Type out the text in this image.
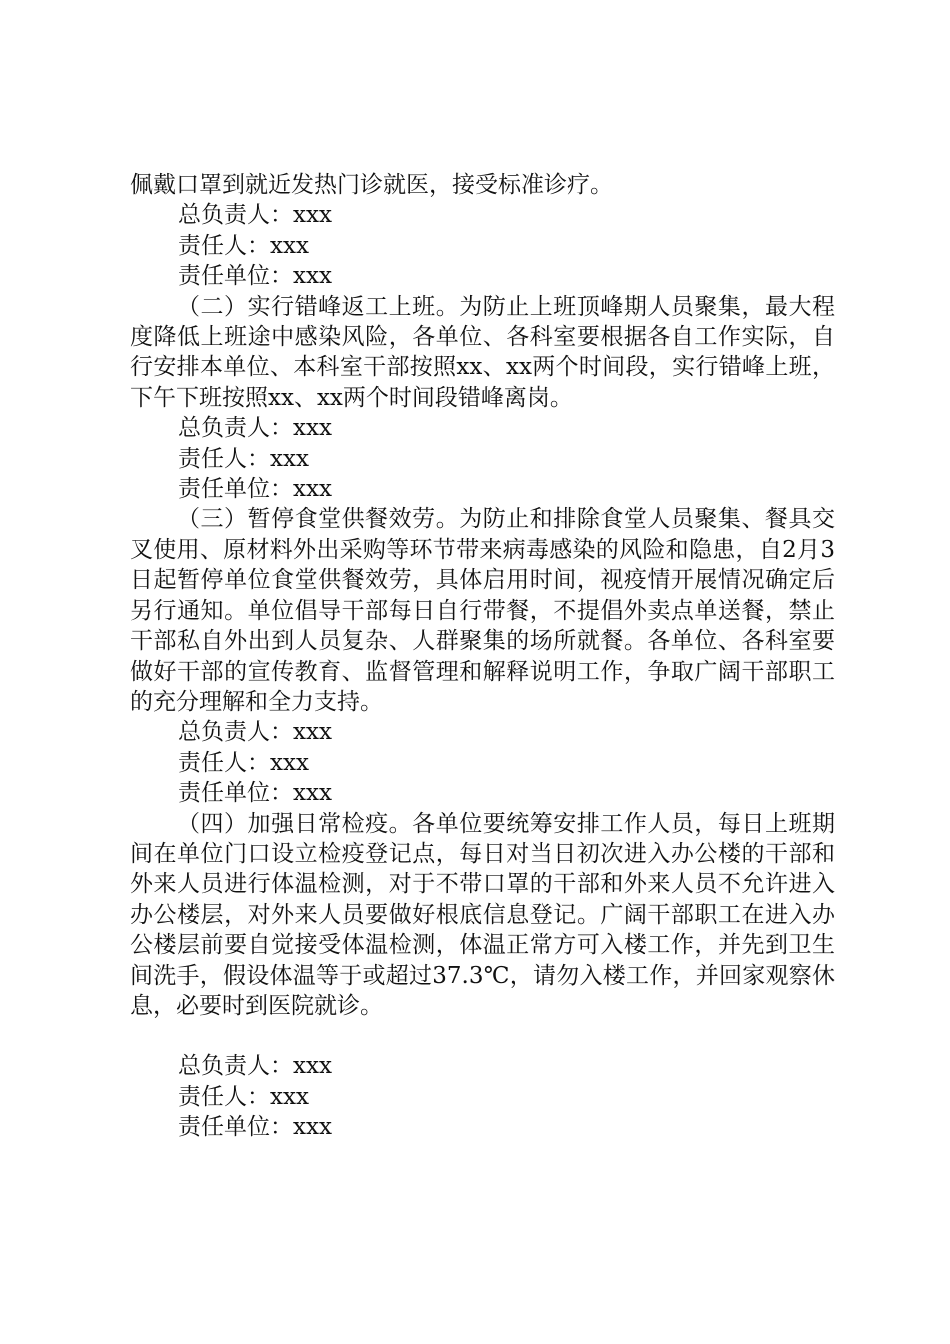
佩戴口罩到就近发热门诊就医，接受标准诊疗。

总负责人：xxx
责任人：xxx
责任单位：xxx

（二）实行错峰返工上班。为防止上班顶峰期人员聚集，最大程度降低上班途中感染风险，各单位、各科室要根据各自工作实际，自行安排本单位、本科室干部按照xx、xx两个时间段，实行错峰上班，下午下班按照xx、xx两个时间段错峰离岗。

总负责人：xxx
责任人：xxx
责任单位：xxx

（三）暂停食堂供餐效劳。为防止和排除食堂人员聚集、餐具交叉使用、原材料外出采购等环节带来病毒感染的风险和隐患，自2月3日起暂停单位食堂供餐效劳，具体启用时间，视疫情开展情况确定后另行通知。单位倡导干部每日自行带餐，不提倡外卖点单送餐，禁止干部私自外出到人员复杂、人群聚集的场所就餐。各单位、各科室要做好干部的宣传教育、监督管理和解释说明工作，争取广阔干部职工的充分理解和全力支持。

总负责人：xxx
责任人：xxx
责任单位：xxx

（四）加强日常检疫。各单位要统筹安排工作人员，每日上班期间在单位门口设立检疫登记点，每日对当日初次进入办公楼的干部和外来人员进行体温检测，对于不带口罩的干部和外来人员不允许进入办公楼层，对外来人员要做好根底信息登记。广阔干部职工在进入办公楼层前要自觉接受体温检测，体温正常方可入楼工作，并先到卫生间洗手，假设体温等于或超过37.3℃，请勿入楼工作，并回家观察休息，必要时到医院就诊。

总负责人：xxx
责任人：xxx
责任单位：xxx
